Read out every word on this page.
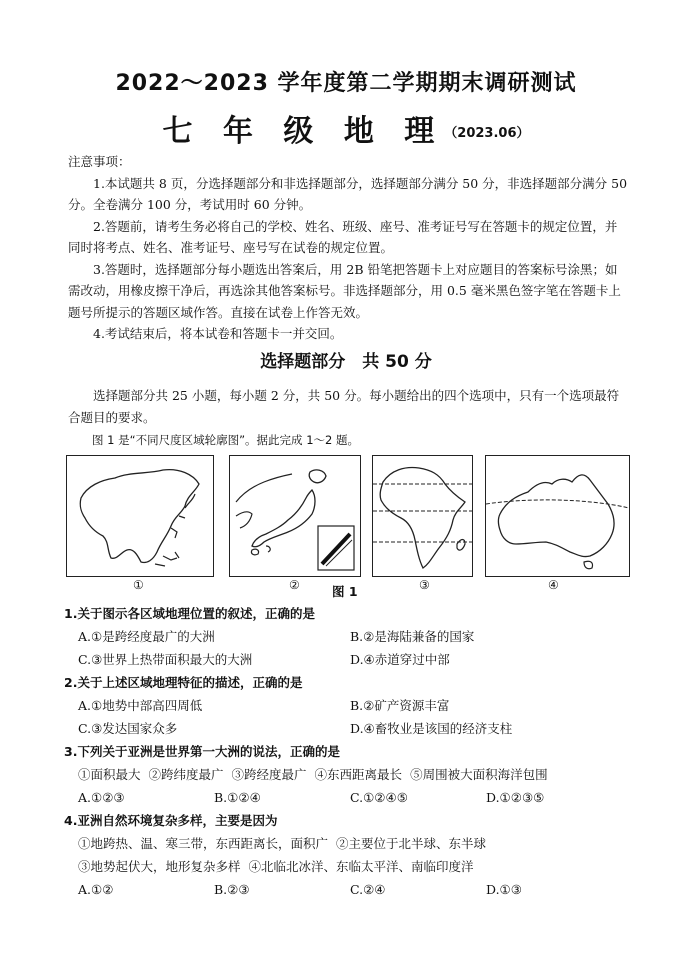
2022～2023 学年度第二学期期末调研测试
七 年 级 地 理$^{(2023.06)}$

注意事项：

1.本试题共 8 页，分选择题部分和非选择题部分，选择题部分满分 50 分，非选择题部分满分 50 分。全卷满分 100 分，考试用时 60 分钟。

2.答题前，请考生务必将自己的学校、姓名、班级、座号、准考证号写在答题卡的规定位置，并同时将考点、姓名、准考证号、座号写在试卷的规定位置。

3.答题时，选择题部分每小题选出答案后，用 2B 铅笔把答题卡上对应题目的答案标号涂黑；如需改动，用橡皮擦干净后，再选涂其他答案标号。非选择题部分，用 0.5 毫米黑色签字笔在答题卡上题号所提示的答题区域作答。直接在试卷上作答无效。

4.考试结束后，将本试卷和答题卡一并交回。

选择题部分　共 50 分

选择题部分共 25 小题，每小题 2 分，共 50 分。每小题给出的四个选项中，只有一个选项最符合题目的要求。

图 1 是“不同尺度区域轮廓图”。据此完成 1～2 题。
①	②	③	④
图 1
1.关于图示各区域地理位置的叙述，正确的是
A.①是跨经度最广的大洲	B.②是海陆兼备的国家
C.③世界上热带面积最大的大洲	D.④赤道穿过中部
2.关于上述区域地理特征的描述，正确的是
A.①地势中部高四周低	B.②矿产资源丰富
C.③发达国家众多	D.④畜牧业是该国的经济支柱
3.下列关于亚洲是世界第一大洲的说法，正确的是
①面积最大 ②跨纬度最广 ③跨经度最广 ④东西距离最长 ⑤周围被大面积海洋包围
A.①②③	B.①②④	C.①②④⑤	D.①②③⑤
4.亚洲自然环境复杂多样，主要是因为
①地跨热、温、寒三带，东西距离长，面积广 ②主要位于北半球、东半球
③地势起伏大，地形复杂多样 ④北临北冰洋、东临太平洋、南临印度洋
A.①②	B.②③	C.②④	D.①③
